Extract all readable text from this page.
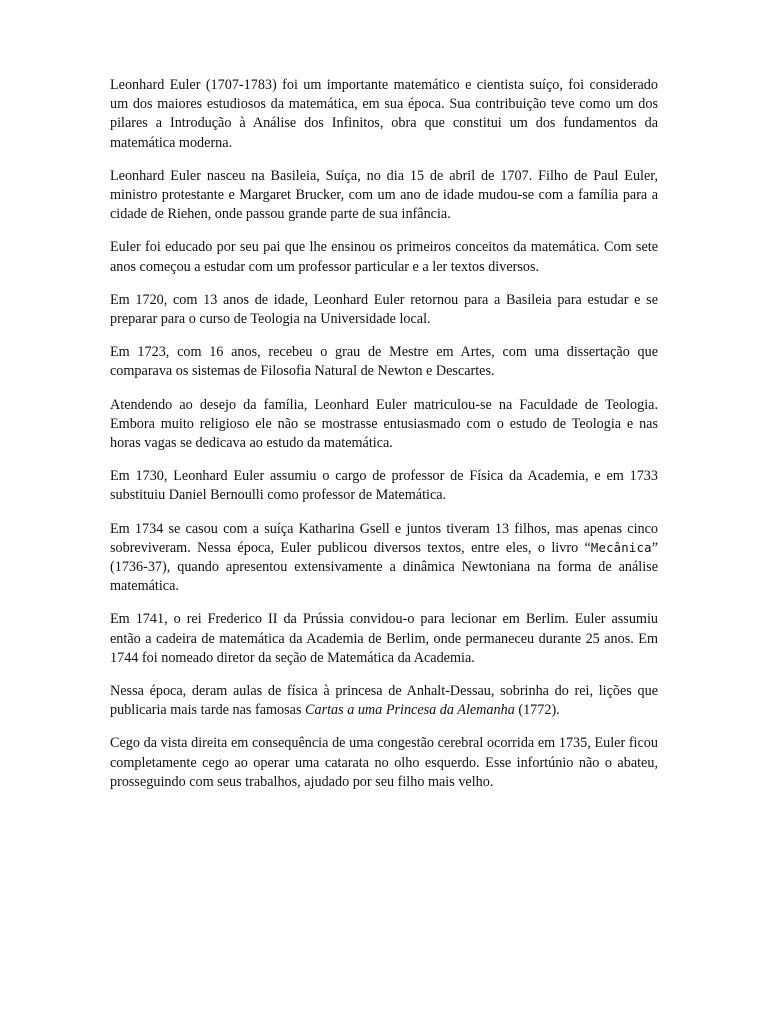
Leonhard Euler (1707-1783) foi um importante matemático e cientista suíço, foi considerado um dos maiores estudiosos da matemática, em sua época. Sua contribuição teve como um dos pilares a Introdução à Análise dos Infinitos, obra que constitui um dos fundamentos da matemática moderna.

Leonhard Euler nasceu na Basileia, Suíça, no dia 15 de abril de 1707. Filho de Paul Euler, ministro protestante e Margaret Brucker, com um ano de idade mudou-se com a família para a cidade de Riehen, onde passou grande parte de sua infância.

Euler foi educado por seu pai que lhe ensinou os primeiros conceitos da matemática. Com sete anos começou a estudar com um professor particular e a ler textos diversos.

Em 1720, com 13 anos de idade, Leonhard Euler retornou para a Basileia para estudar e se preparar para o curso de Teologia na Universidade local.

Em 1723, com 16 anos, recebeu o grau de Mestre em Artes, com uma dissertação que comparava os sistemas de Filosofia Natural de Newton e Descartes.

Atendendo ao desejo da família, Leonhard Euler matriculou-se na Faculdade de Teologia. Embora muito religioso ele não se mostrasse entusiasmado com o estudo de Teologia e nas horas vagas se dedicava ao estudo da matemática.

Em 1730, Leonhard Euler assumiu o cargo de professor de Física da Academia, e em 1733 substituiu Daniel Bernoulli como professor de Matemática.

Em 1734 se casou com a suíça Katharina Gsell e juntos tiveram 13 filhos, mas apenas cinco sobreviveram. Nessa época, Euler publicou diversos textos, entre eles, o livro “Mecânica” (1736-37), quando apresentou extensivamente a dinâmica Newtoniana na forma de análise matemática.

Em 1741, o rei Frederico II da Prússia convidou-o para lecionar em Berlim. Euler assumiu então a cadeira de matemática da Academia de Berlim, onde permaneceu durante 25 anos. Em 1744 foi nomeado diretor da seção de Matemática da Academia.

Nessa época, deram aulas de física à princesa de Anhalt-Dessau, sobrinha do rei, lições que publicaria mais tarde nas famosas Cartas a uma Princesa da Alemanha (1772).

Cego da vista direita em consequência de uma congestão cerebral ocorrida em 1735, Euler ficou completamente cego ao operar uma catarata no olho esquerdo. Esse infortúnio não o abateu, prosseguindo com seus trabalhos, ajudado por seu filho mais velho.
